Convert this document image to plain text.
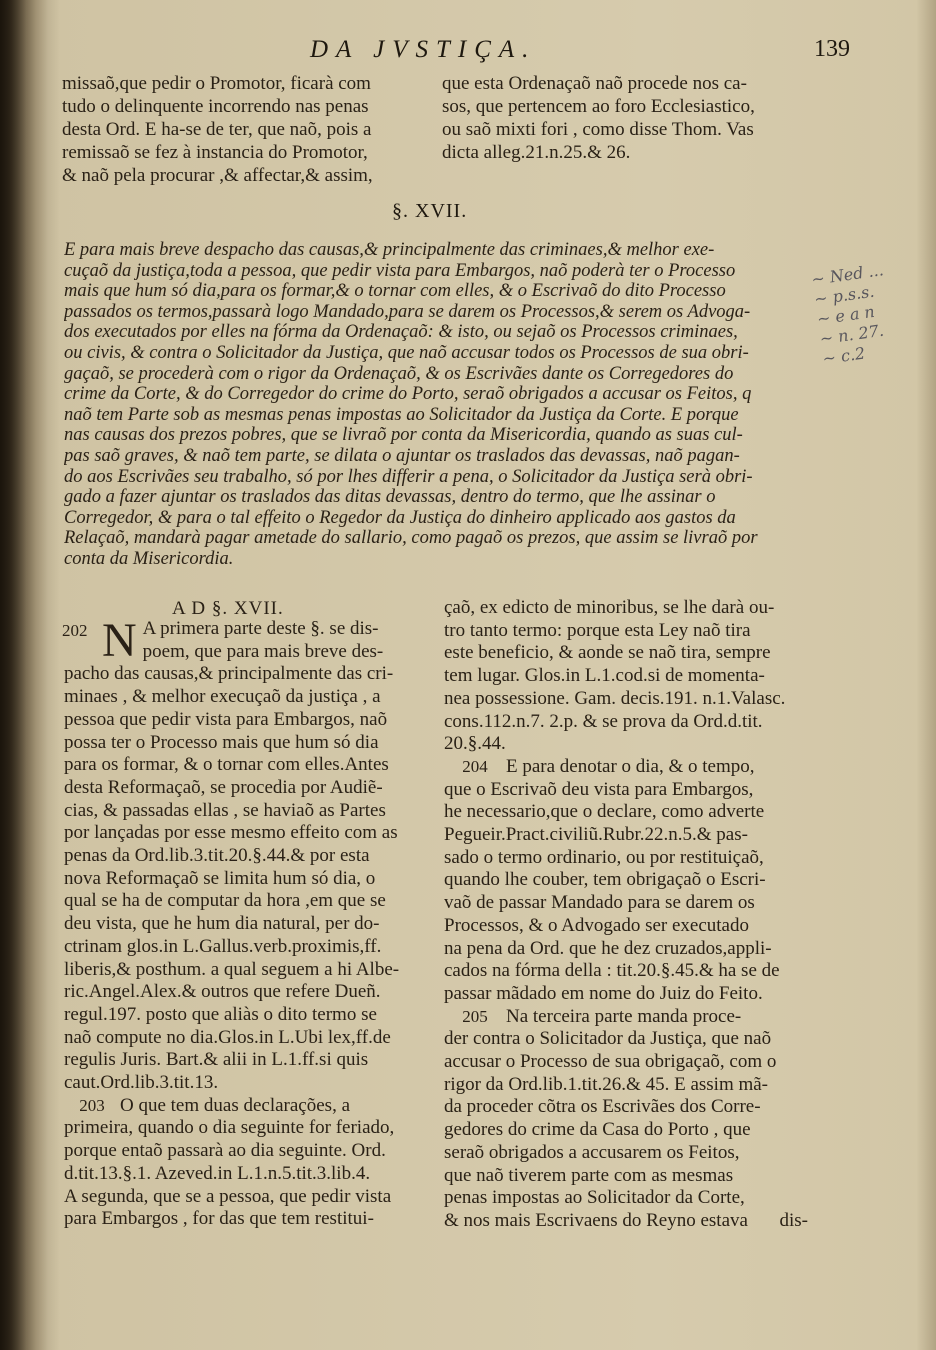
DA JVSTIÇA.	139
missaõ,que pedir o Promotor, ficarà com
tudo o delinquente incorrendo nas penas
desta Ord. E ha-se de ter, que naõ, pois a
remissaõ se fez à instancia do Promotor,
& naõ pela procurar ,& affectar,& assim,
que esta Ordenaçaõ naõ procede nos ca-
sos, que pertencem ao foro Ecclesiastico,
ou saõ mixti fori , como disse Thom. Vas
dicta alleg.21.n.25.& 26.
§. XVII.
E para mais breve despacho das causas,& principalmente das criminaes,& melhor exe-
cuçaõ da justiça,toda a pessoa, que pedir vista para Embargos, naõ poderà ter o Processo
mais que hum só dia,para os formar,& o tornar com elles, & o Escrivaõ do dito Processo
passados os termos,passarà logo Mandado,para se darem os Processos,& serem os Advoga-
dos executados por elles na fórma da Ordenaçaõ: & isto, ou sejaõ os Processos criminaes,
ou civis, & contra o Solicitador da Justiça, que naõ accusar todos os Processos de sua obri-
gaçaõ, se procederà com o rigor da Ordenaçaõ, & os Escrivães dante os Corregedores do
crime da Corte, & do Corregedor do crime do Porto, seraõ obrigados a accusar os Feitos, q
naõ tem Parte sob as mesmas penas impostas ao Solicitador da Justiça da Corte. E porque
nas causas dos prezos pobres, que se livraõ por conta da Misericordia, quando as suas cul-
pas saõ graves, & naõ tem parte, se dilata o ajuntar os traslados das devassas, naõ pagan-
do aos Escrivães seu trabalho, só por lhes differir a pena, o Solicitador da Justiça serà obri-
gado a fazer ajuntar os traslados das ditas devassas, dentro do termo, que lhe assinar o
Corregedor, & para o tal effeito o Regedor da Justiça do dinheiro applicado aos gastos da
Relaçaõ, mandarà pagar ametade do sallario, como pagaõ os prezos, que assim se livraõ por
conta da Misericordia.
~ Ned ...
~ p.s.s.
~ e a n
~ n. 27.
~ c.2
A D §. XVII.
202 N A primera parte deste §. se dis-
poem, que para mais breve des-
pacho das causas,& principalmente das cri-
minaes , & melhor execuçaõ da justiça , a
pessoa que pedir vista para Embargos, naõ
possa ter o Processo mais que hum só dia
para os formar, & o tornar com elles.Antes
desta Reformaçaõ, se procedia por Audiẽ-
cias, & passadas ellas , se haviaõ as Partes
por lançadas por esse mesmo effeito com as
penas da Ord.lib.3.tit.20.§.44.& por esta
nova Reformaçaõ se limita hum só dia, o
qual se ha de computar da hora ,em que se
deu vista, que he hum dia natural, per do-
ctrinam glos.in L.Gallus.verb.proximis,ff.
liberis,& posthum. a qual seguem a hi Albe-
ric.Angel.Alex.& outros que refere Dueñ.
regul.197. posto que aliàs o dito termo se
naõ compute no dia.Glos.in L.Ubi lex,ff.de
regulis Juris. Bart.& alii in L.1.ff.si quis
caut.Ord.lib.3.tit.13.
203 O que tem duas declarações, a
primeira, quando o dia seguinte for feriado,
porque entaõ passarà ao dia seguinte. Ord.
d.tit.13.§.1. Azeved.in L.1.n.5.tit.3.lib.4.
A segunda, que se a pessoa, que pedir vista
para Embargos , for das que tem restitui-
çaõ, ex edicto de minoribus, se lhe darà ou-
tro tanto termo: porque esta Ley naõ tira
este beneficio, & aonde se naõ tira, sempre
tem lugar. Glos.in L.1.cod.si de momenta-
nea possessione. Gam. decis.191. n.1.Valasc.
cons.112.n.7. 2.p. & se prova da Ord.d.tit.
20.§.44.
204 E para denotar o dia, & o tempo,
que o Escrivaõ deu vista para Embargos,
he necessario,que o declare, como adverte
Pegueir.Pract.civiliũ.Rubr.22.n.5.& pas-
sado o termo ordinario, ou por restituiçaõ,
quando lhe couber, tem obrigaçaõ o Escri-
vaõ de passar Mandado para se darem os
Processos, & o Advogado ser executado
na pena da Ord. que he dez cruzados,appli-
cados na fórma della : tit.20.§.45.& ha se de
passar mãdado em nome do Juiz do Feito.
205 Na terceira parte manda proce-
der contra o Solicitador da Justiça, que naõ
accusar o Processo de sua obrigaçaõ, com o
rigor da Ord.lib.1.tit.26.& 45. E assim mã-
da proceder cõtra os Escrivães dos Corre-
gedores do crime da Casa do Porto , que
seraõ obrigados a accusarem os Feitos,
que naõ tiverem parte com as mesmas
penas impostas ao Solicitador da Corte,
& nos mais Escrivaens do Reyno estava	dis-
